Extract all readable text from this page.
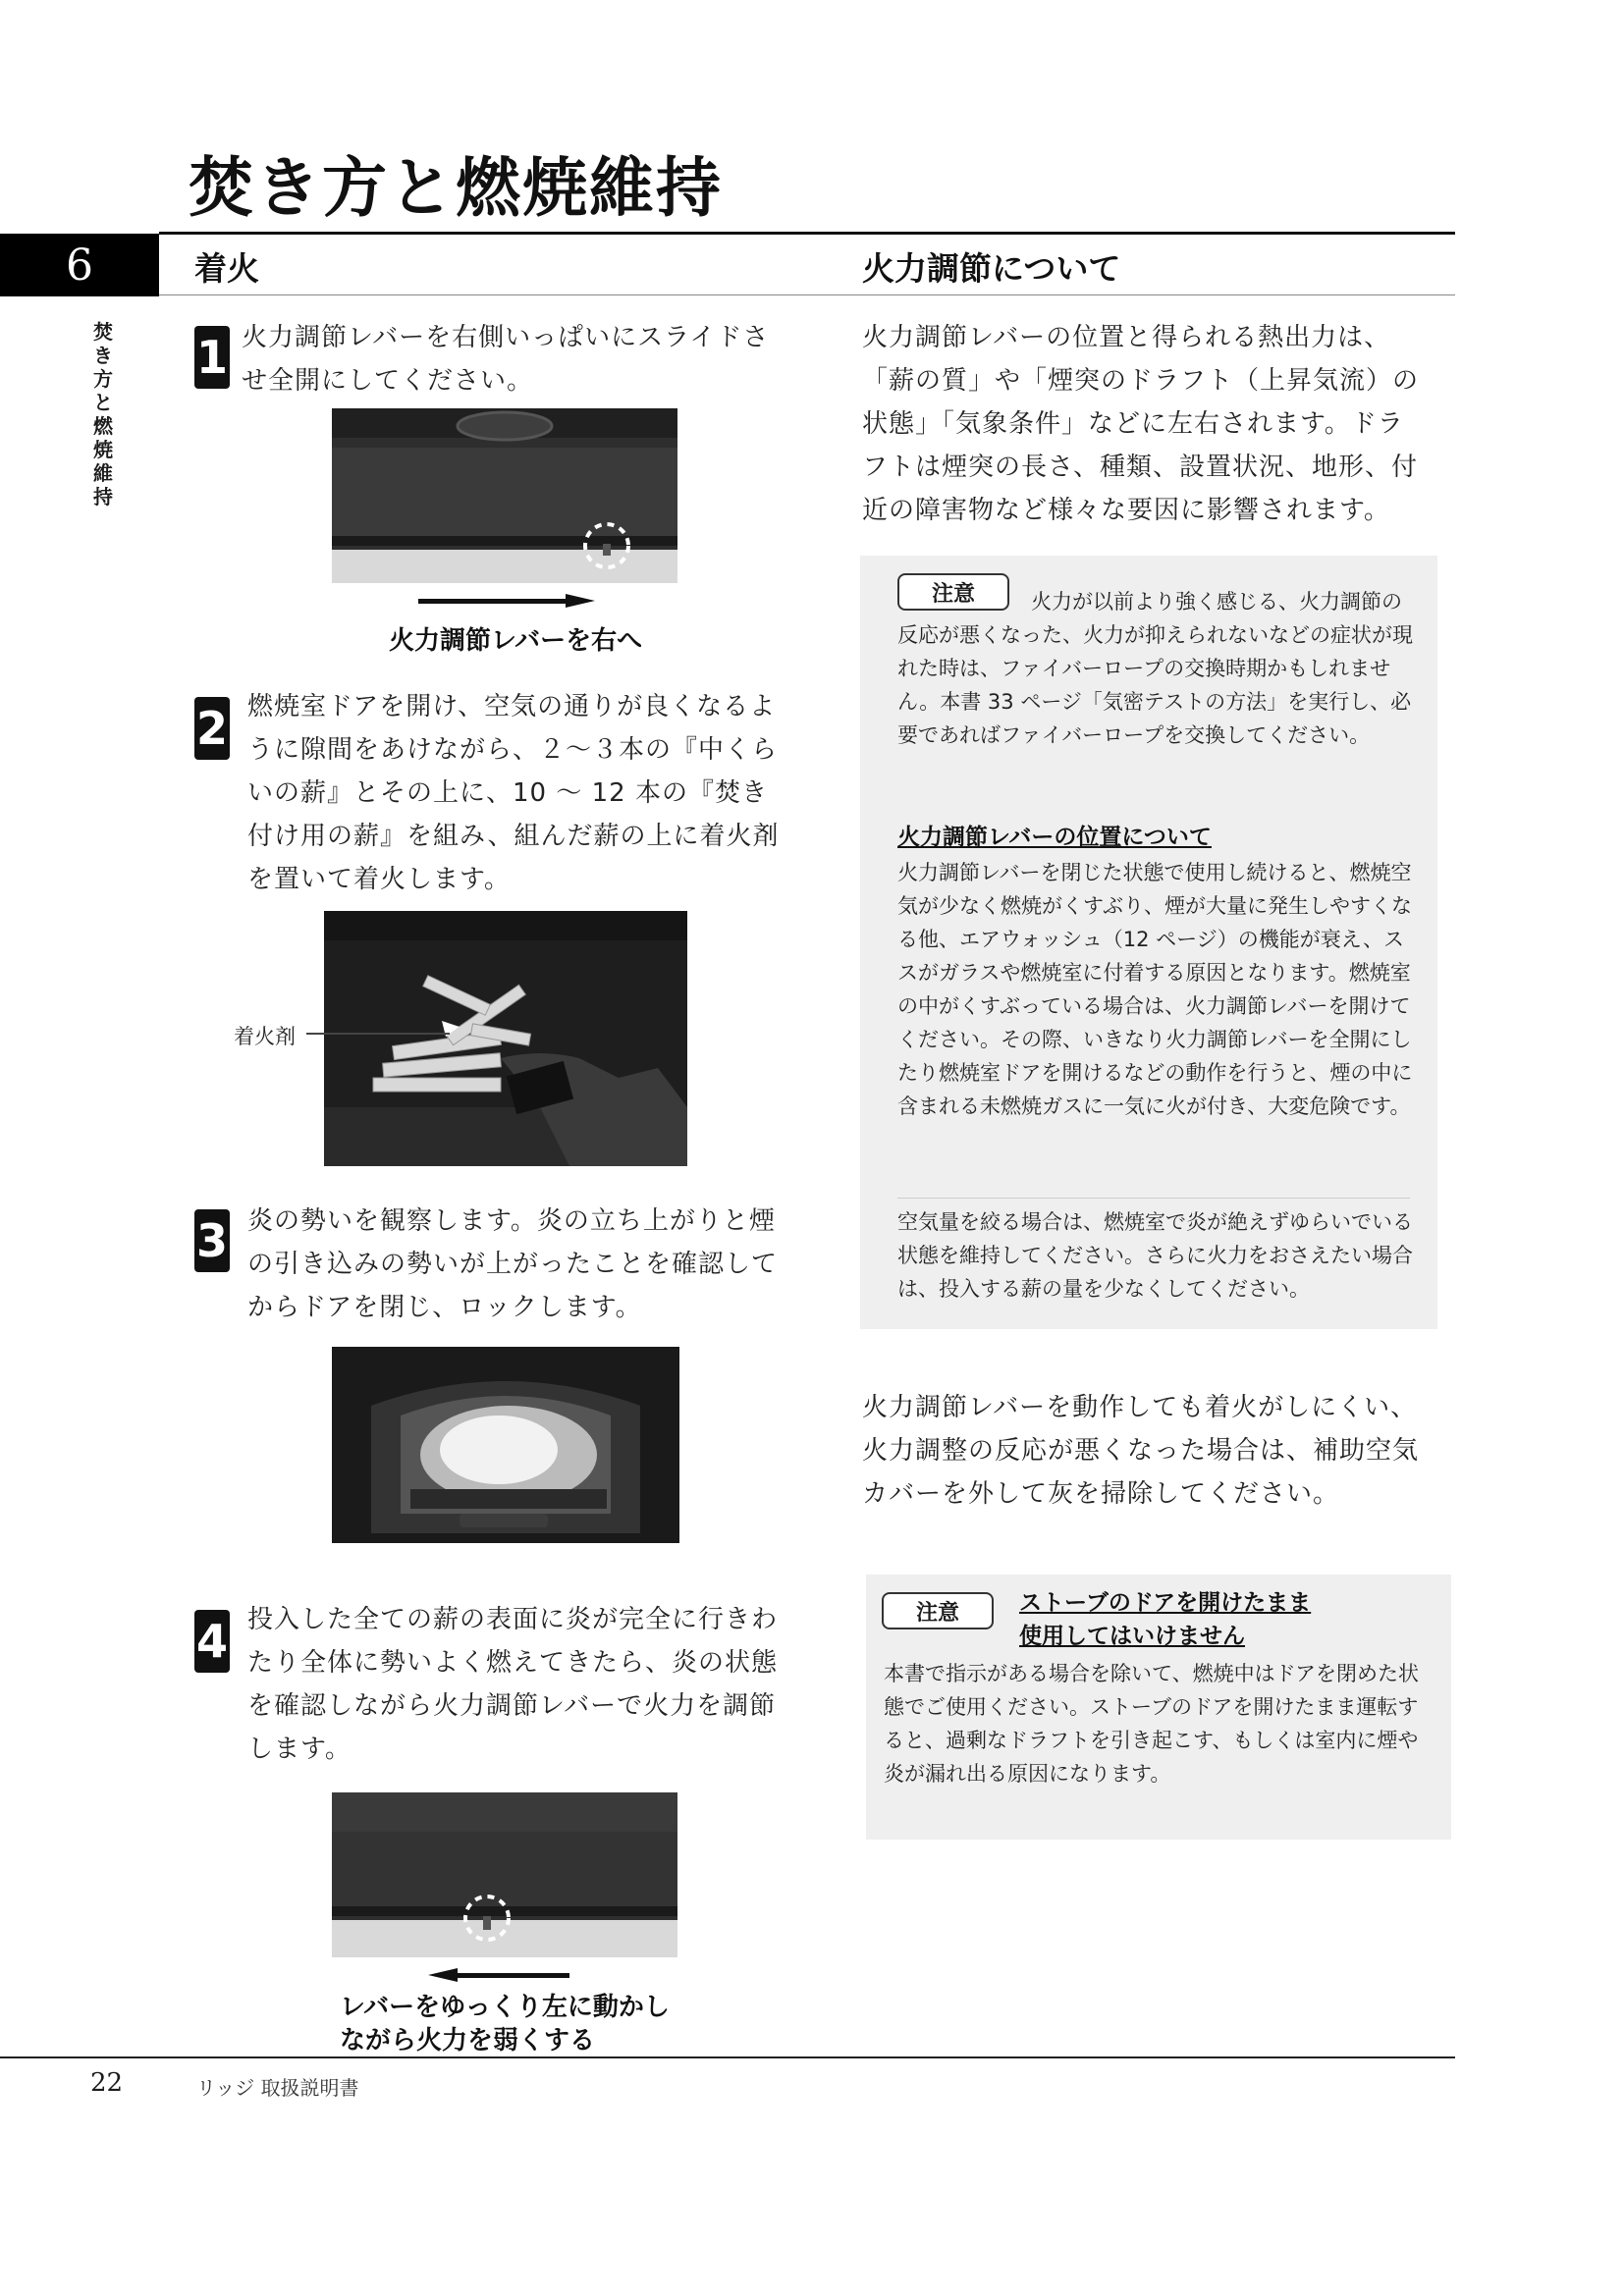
焚き方と燃焼維持
6	着火	火力調節について
焚き方と燃焼維持
1 火力調節レバーを右側いっぱいにスライドさせ全開にしてください。
火力調節レバーを右へ
2 燃焼室ドアを開け、空気の通りが良くなるように隙間をあけながら、２～３本の『中くらいの薪』とその上に、10 ～ 12 本の『焚き付け用の薪』を組み、組んだ薪の上に着火剤を置いて着火します。
着火剤
3 炎の勢いを観察します。炎の立ち上がりと煙の引き込みの勢いが上がったことを確認してからドアを閉じ、ロックします。
4 投入した全ての薪の表面に炎が完全に行きわたり全体に勢いよく燃えてきたら、炎の状態を確認しながら火力調節レバーで火力を調節します。
レバーをゆっくり左に動かし
ながら火力を弱くする
火力調節レバーの位置と得られる熱出力は、「薪の質」や「煙突のドラフト（上昇気流）の状態」「気象条件」などに左右されます。ドラフトは煙突の長さ、種類、設置状況、地形、付近の障害物など様々な要因に影響されます。
注意	火力が以前より強く感じる、火力調節の反応が悪くなった、火力が抑えられないなどの症状が現れた時は、ファイバーロープの交換時期かもしれません。本書 33 ページ「気密テストの方法」を実行し、必要であればファイバーロープを交換してください。
火力調節レバーの位置について
火力調節レバーを閉じた状態で使用し続けると、燃焼空気が少なく燃焼がくすぶり、煙が大量に発生しやすくなる他、エアウォッシュ（12 ページ）の機能が衰え、ススがガラスや燃焼室に付着する原因となります。燃焼室の中がくすぶっている場合は、火力調節レバーを開けてください。その際、いきなり火力調節レバーを全開にしたり燃焼室ドアを開けるなどの動作を行うと、煙の中に含まれる未燃焼ガスに一気に火が付き、大変危険です。
空気量を絞る場合は、燃焼室で炎が絶えずゆらいでいる状態を維持してください。さらに火力をおさえたい場合は、投入する薪の量を少なくしてください。
火力調節レバーを動作しても着火がしにくい、火力調整の反応が悪くなった場合は、補助空気カバーを外して灰を掃除してください。
注意	ストーブのドアを開けたまま
使用してはいけません
本書で指示がある場合を除いて、燃焼中はドアを閉めた状態でご使用ください。ストーブのドアを開けたまま運転すると、過剰なドラフトを引き起こす、もしくは室内に煙や炎が漏れ出る原因になります。
22	リッジ 取扱説明書
